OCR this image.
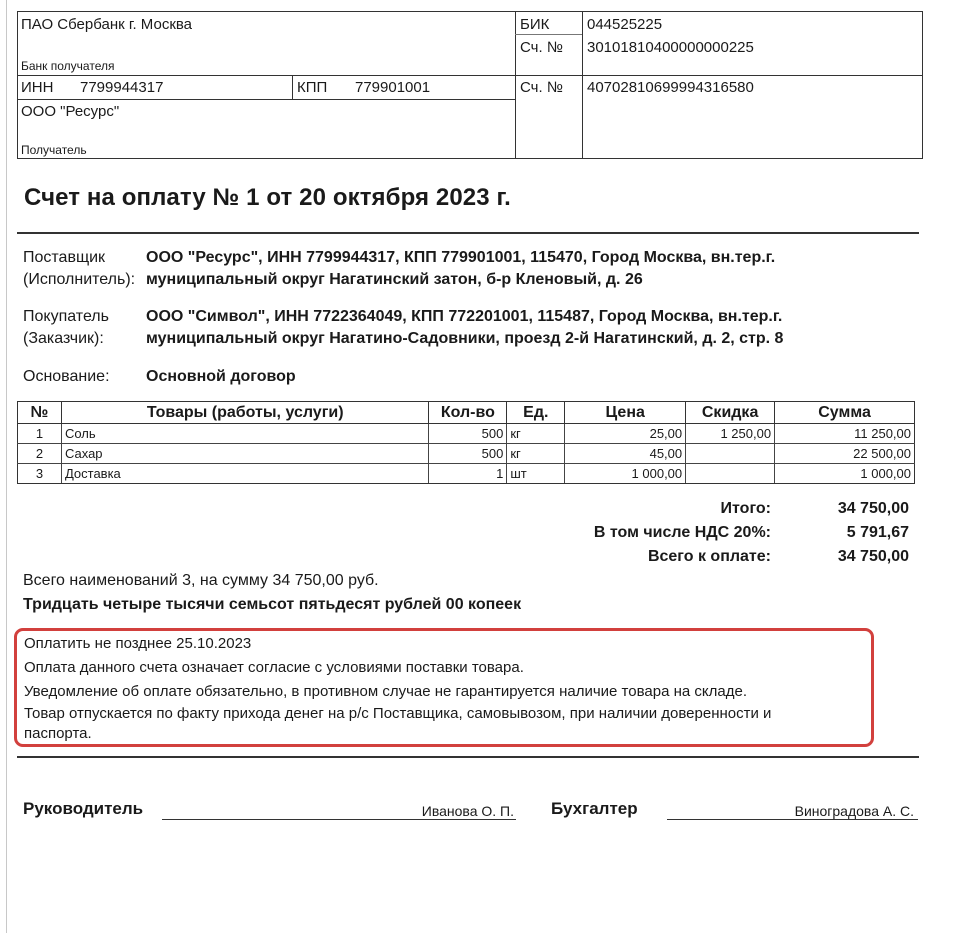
ПАО Сбербанк г. Москва
Банк получателя
БИК	044525225
Сч. № 30101810400000000225
ИНН 7799944317	КПП 779901001	Сч. № 40702810699994316580
ООО "Ресурс"
Получатель
Счет на оплату № 1 от 20 октября 2023 г.
Поставщик
(Исполнитель):
ООО "Ресурс", ИНН 7799944317, КПП 779901001, 115470, Город Москва, вн.тер.г.
муниципальный округ Нагатинский затон, б-р Кленовый, д. 26
Покупатель
(Заказчик):
ООО "Символ", ИНН 7722364049, КПП 772201001, 115487, Город Москва, вн.тер.г.
муниципальный округ Нагатино-Садовники, проезд 2-й Нагатинский, д. 2, стр. 8
Основание:	Основной договор
№	Товары (работы, услуги)	Кол-во	Ед.	Цена	Скидка	Сумма
1	Соль	500	кг	25,00	1 250,00	11 250,00
2	Сахар	500	кг	45,00		22 500,00
3	Доставка	1	шт	1 000,00		1 000,00
Итого:	34 750,00
В том числе НДС 20%:	5 791,67
Всего к оплате:	34 750,00
Всего наименований 3, на сумму 34 750,00 руб.
Тридцать четыре тысячи семьсот пятьдесят рублей 00 копеек
Оплатить не позднее 25.10.2023
Оплата данного счета означает согласие с условиями поставки товара.
Уведомление об оплате обязательно, в противном случае не гарантируется наличие товара на складе.
Товар отпускается по факту прихода денег на р/с Поставщика, самовывозом, при наличии доверенности и
паспорта.
Руководитель	Иванова О. П. Бухгалтер	Виноградова А. С.
